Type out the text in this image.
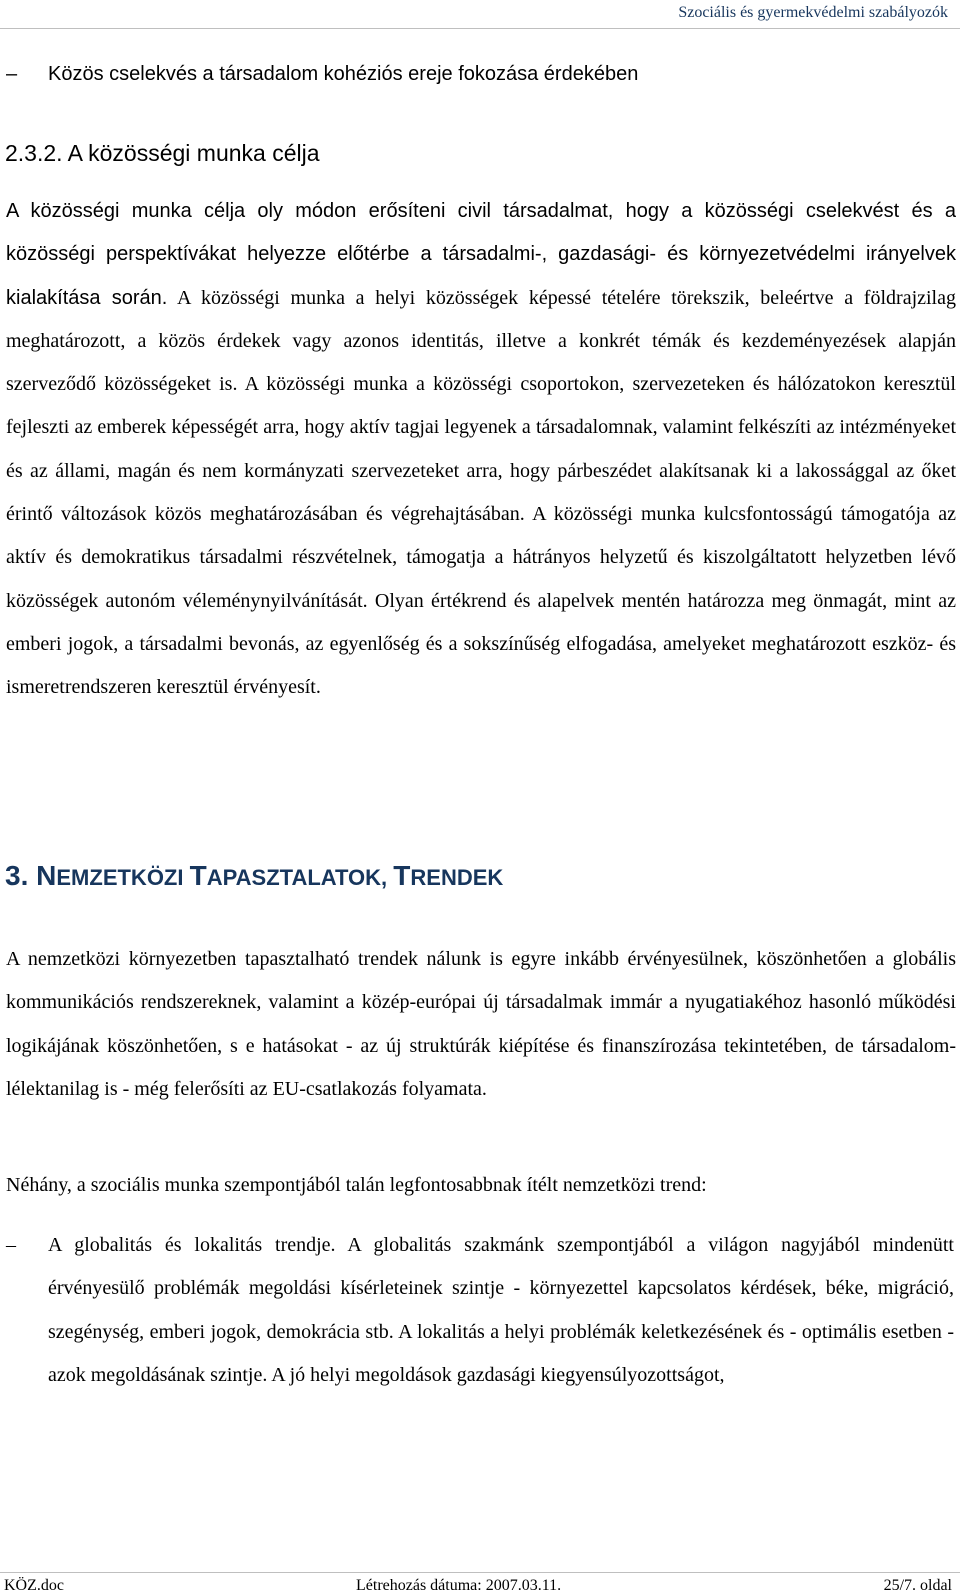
Szociális és gyermekvédelmi szabályozók
– Közös cselekvés a társadalom kohéziós ereje fokozása érdekében
2.3.2. A közösségi munka célja
A közösségi munka célja oly módon erősíteni civil társadalmat, hogy a közösségi cselekvést és a közösségi perspektívákat helyezze előtérbe a társadalmi-, gazdasági- és környezetvédelmi irányelvek kialakítása során. A közösségi munka a helyi közösségek képessé tételére törekszik, beleértve a földrajzilag meghatározott, a közös érdekek vagy azonos identitás, illetve a konkrét témák és kezdeményezések alapján szerveződő közösségeket is. A közösségi munka a közösségi csoportokon, szervezeteken és hálózatokon keresztül fejleszti az emberek képességét arra, hogy aktív tagjai legyenek a társadalomnak, valamint felkészíti az intézményeket és az állami, magán és nem kormányzati szervezeteket arra, hogy párbeszédet alakítsanak ki a lakossággal az őket érintő változások közös meghatározásában és végrehajtásában. A közösségi munka kulcsfontosságú támogatója az aktív és demokratikus társadalmi részvételnek, támogatja a hátrányos helyzetű és kiszolgáltatott helyzetben lévő közösségek autonóm véleménynyilvánítását. Olyan értékrend és alapelvek mentén határozza meg önmagát, mint az emberi jogok, a társadalmi bevonás, az egyenlőség és a sokszínűség elfogadása, amelyeket meghatározott eszköz- és ismeretrendszeren keresztül érvényesít.
3. NEMZETKÖZI TAPASZTALATOK, TRENDEK
A nemzetközi környezetben tapasztalható trendek nálunk is egyre inkább érvényesülnek, köszönhetően a globális kommunikációs rendszereknek, valamint a közép-európai új társadalmak immár a nyugatiakéhoz hasonló működési logikájának köszönhetően, s e hatásokat - az új struktúrák kiépítése és finanszírozása tekintetében, de társadalom-lélektanilag is - még felerősíti az EU-csatlakozás folyamata.
Néhány, a szociális munka szempontjából talán legfontosabbnak ítélt nemzetközi trend:
–	A globalitás és lokalitás trendje. A globalitás szakmánk szempontjából a világon nagyjából mindenütt érvényesülő problémák megoldási kísérleteinek szintje - környezettel kapcsolatos kérdések, béke, migráció, szegénység, emberi jogok, demokrácia stb. A lokalitás a helyi problémák keletkezésének és - optimális esetben - azok megoldásának szintje. A jó helyi megoldások gazdasági kiegyensúlyozottságot,
KÖZ.doc	Létrehozás dátuma: 2007.03.11.	25/7. oldal
